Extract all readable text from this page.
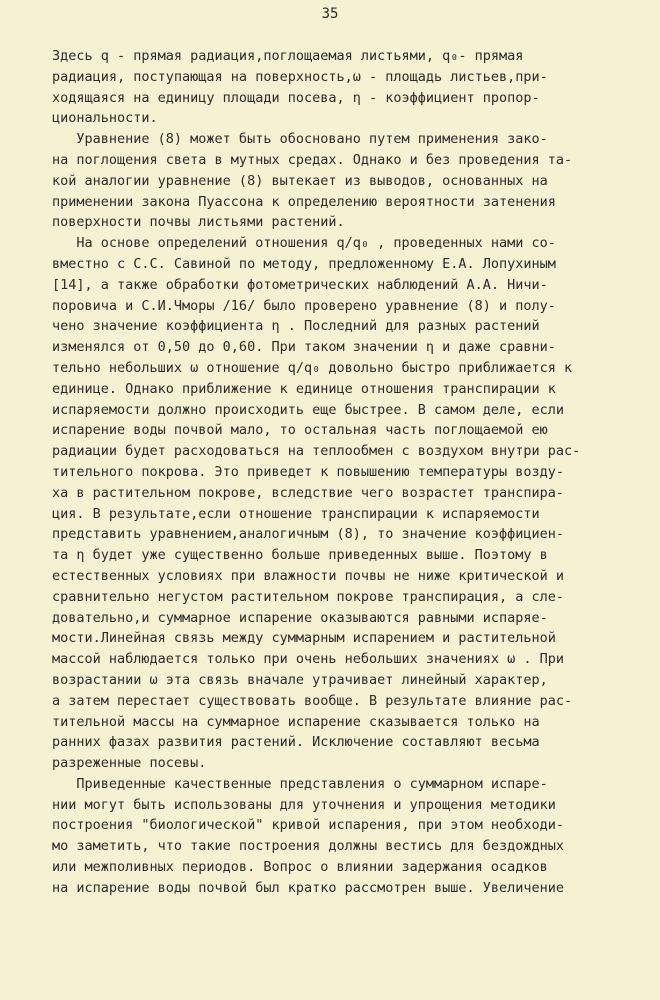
35
Здесь q - прямая радиация,поглощаемая листьями, q₀- прямая
радиация, поступающая на поверхность,ω - площадь листьев,при-
ходящаяся на единицу площади посева, η - коэффициент пропор-
циональности.
Уравнение (8) может быть обосновано путем применения зако-
на поглощения света в мутных средах. Однако и без проведения та-
кой аналогии уравнение (8) вытекает из выводов, основанных на
применении закона Пуассона к определению вероятности затенения
поверхности почвы листьями растений.
На основе определений отношения q/q₀ , проведенных нами со-
вместно с С.С. Савиной по методу, предложенному Е.А. Лопухиным
[14], а также обработки фотометрических наблюдений А.А. Ничи-
поровича и С.И.Чморы /16/ было проверено уравнение (8) и полу-
чено значение коэффициента η . Последний для разных растений
изменялся от 0,50 до 0,60. При таком значении η и даже сравни-
тельно небольших ω отношение q/q₀ довольно быстро приближается к
единице. Однако приближение к единице отношения транспирации к
испаряемости должно происходить еще быстрее. В самом деле, если
испарение воды почвой мало, то остальная часть поглощаемой ею
радиации будет расходоваться на теплообмен с воздухом внутри рас-
тительного покрова. Это приведет к повышению температуры возду-
ха в растительном покрове, вследствие чего возрастет транспира-
ция. В результате,если отношение транспирации к испаряемости
представить уравнением,аналогичным (8), то значение коэффициен-
та η будет уже существенно больше приведенных выше. Поэтому в
естественных условиях при влажности почвы не ниже критической и
сравнительно негустом растительном покрове транспирация, а сле-
довательно,и суммарное испарение оказываются равными испаряе-
мости.Линейная связь между суммарным испарением и растительной
массой наблюдается только при очень небольших значениях ω . При
возрастании ω эта связь вначале утрачивает линейный характер,
а затем перестает существовать вообще. В результате влияние рас-
тительной массы на суммарное испарение сказывается только на
ранних фазах развития растений. Исключение составляют весьма
разреженные посевы.
Приведенные качественные представления о суммарном испаре-
нии могут быть использованы для уточнения и упрощения методики
построения "биологической" кривой испарения, при этом необходи-
мо заметить, что такие построения должны вестись для бездождных
или межполивных периодов. Вопрос о влиянии задержания осадков
на испарение воды почвой был кратко рассмотрен выше. Увеличение
